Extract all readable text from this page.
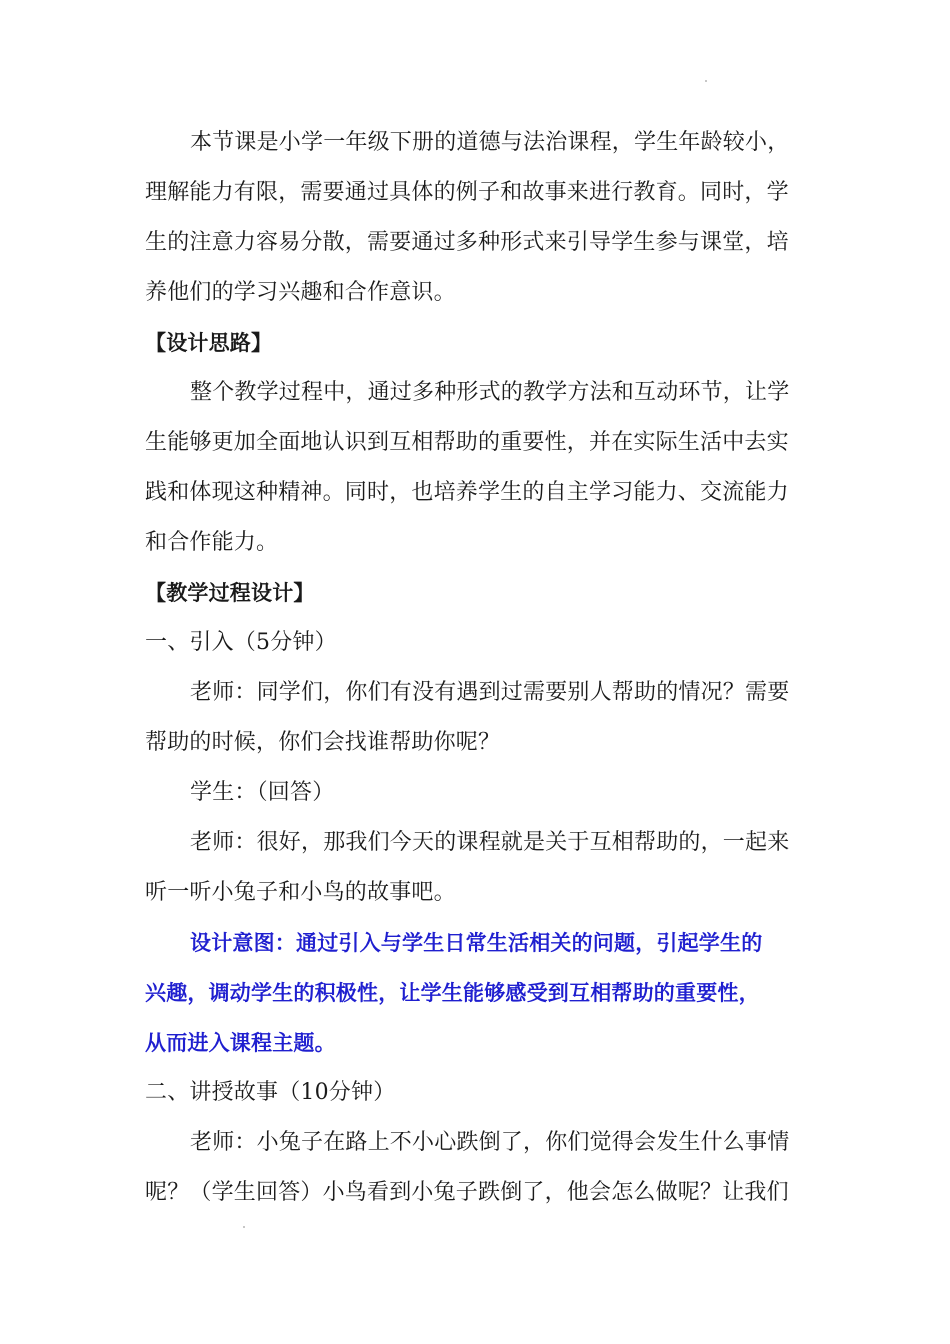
本节课是小学一年级下册的道德与法治课程，学生年龄较小，
理解能力有限，需要通过具体的例子和故事来进行教育。同时，学
生的注意力容易分散，需要通过多种形式来引导学生参与课堂，培
养他们的学习兴趣和合作意识。
【设计思路】
整个教学过程中，通过多种形式的教学方法和互动环节，让学
生能够更加全面地认识到互相帮助的重要性，并在实际生活中去实
践和体现这种精神。同时，也培养学生的自主学习能力、交流能力
和合作能力。
【教学过程设计】
一、引入（5分钟）
老师：同学们，你们有没有遇到过需要别人帮助的情况？需要
帮助的时候，你们会找谁帮助你呢？
学生：（回答）
老师：很好，那我们今天的课程就是关于互相帮助的，一起来
听一听小兔子和小鸟的故事吧。
设计意图：通过引入与学生日常生活相关的问题，引起学生的
兴趣，调动学生的积极性，让学生能够感受到互相帮助的重要性，
从而进入课程主题。
二、讲授故事（10分钟）
老师：小兔子在路上不小心跌倒了，你们觉得会发生什么事情
呢？（学生回答）小鸟看到小兔子跌倒了，他会怎么做呢？让我们
